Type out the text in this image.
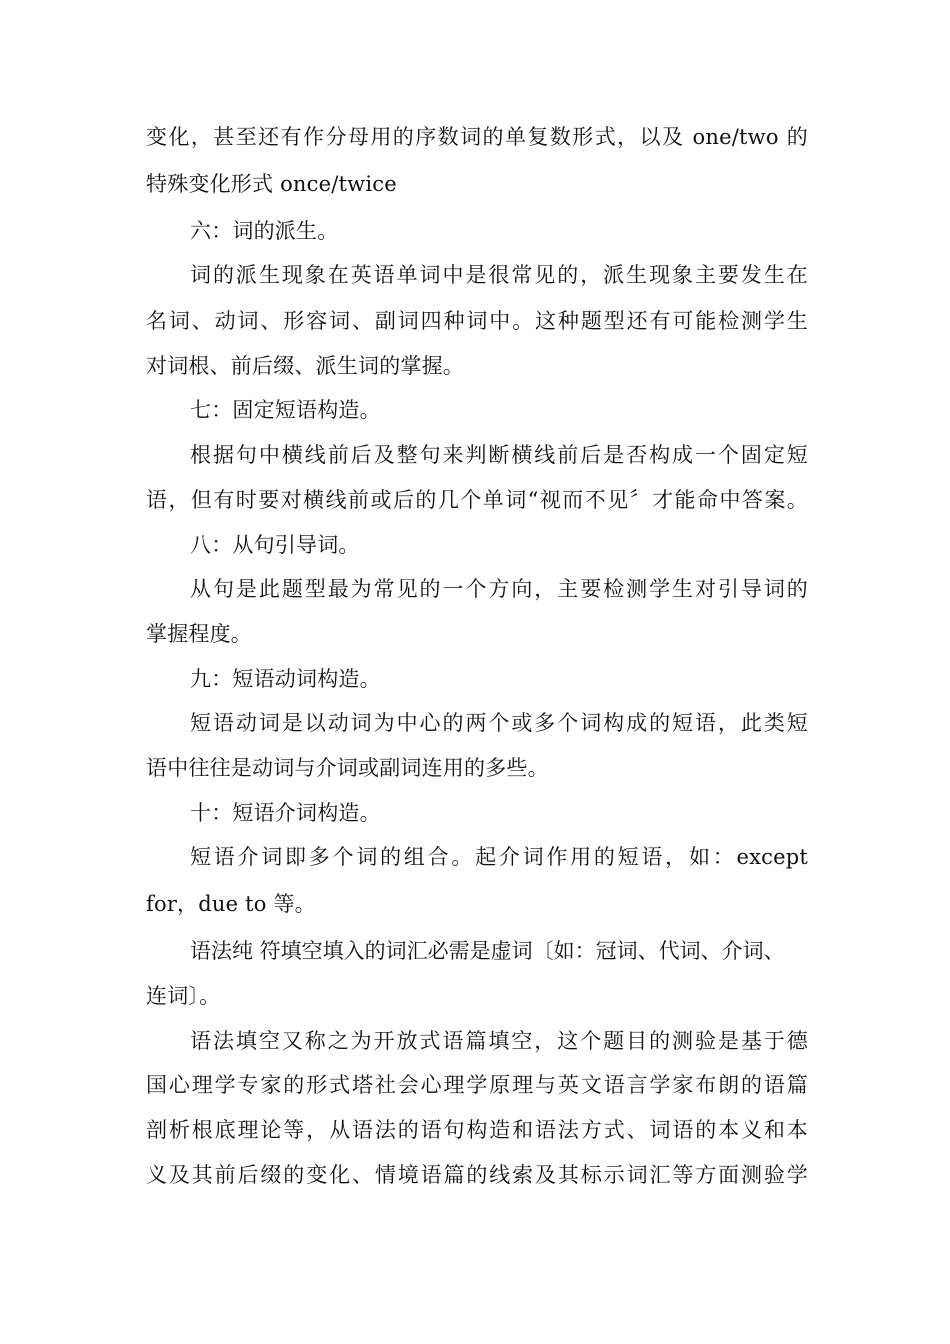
变化，甚至还有作分母用的序数词的单复数形式，以及 one/two 的
特殊变化形式 once/twice
六：词的派生。
词的派生现象在英语单词中是很常见的，派生现象主要发生在
名词、动词、形容词、副词四种词中。这种题型还有可能检测学生
对词根、前后缀、派生词的掌握。
七：固定短语构造。
根据句中横线前后及整句来判断横线前后是否构成一个固定短
语，但有时要对横线前或后的几个单词“视而不见〞才能命中答案。
八：从句引导词。
从句是此题型最为常见的一个方向，主要检测学生对引导词的
掌握程度。
九：短语动词构造。
短语动词是以动词为中心的两个或多个词构成的短语，此类短
语中往往是动词与介词或副词连用的多些。
十：短语介词构造。
短语介词即多个词的组合。起介词作用的短语，如：except
for，due to 等。
语法纯 符填空填入的词汇必需是虚词〔如：冠词、代词、介词、
连词〕。
语法填空又称之为开放式语篇填空，这个题目的测验是基于德
国心理学专家的形式塔社会心理学原理与英文语言学家布朗的语篇
剖析根底理论等，从语法的语句构造和语法方式、词语的本义和本
义及其前后缀的变化、情境语篇的线索及其标示词汇等方面测验学
